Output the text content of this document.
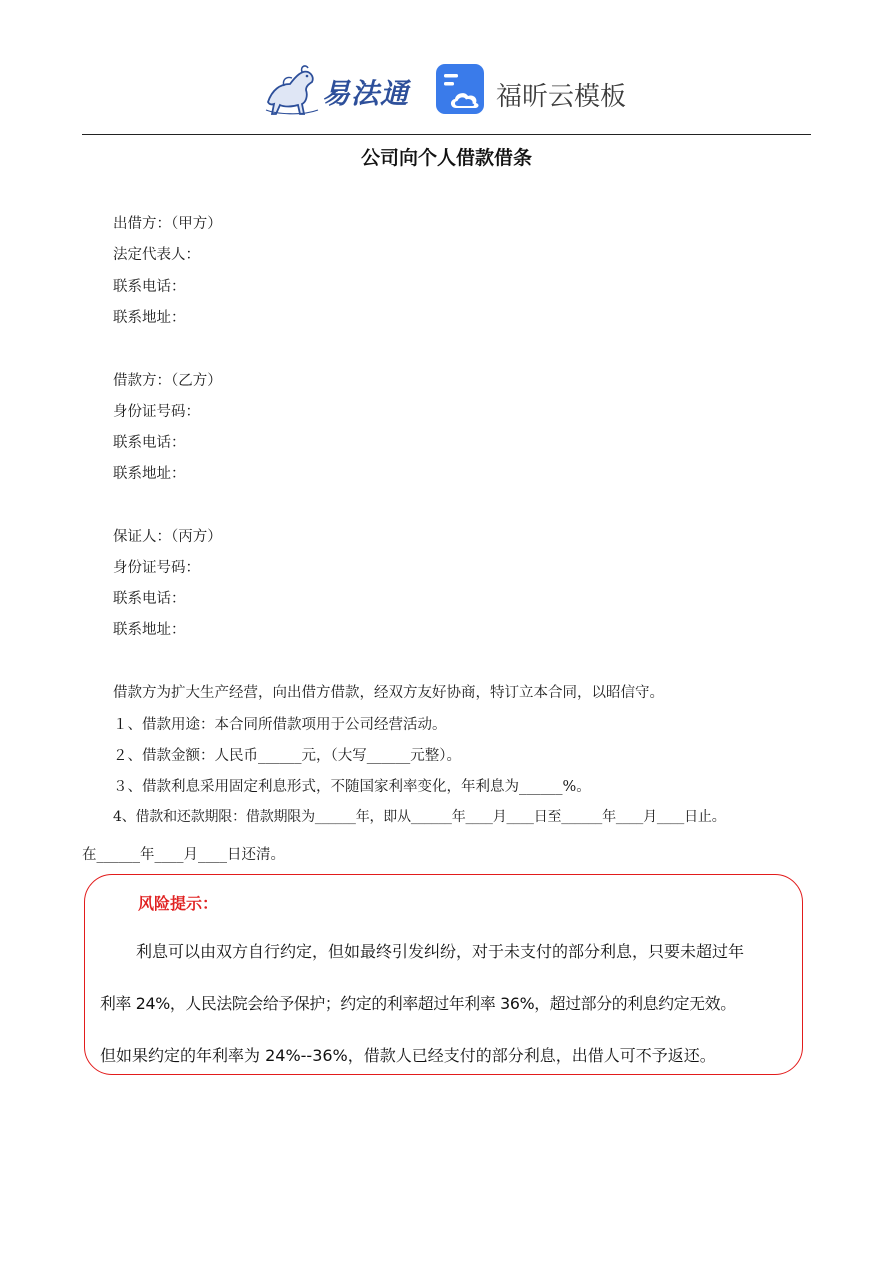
易法通	福昕云模板
公司向个人借款借条
出借方：（甲方）
法定代表人：
联系电话：
联系地址：
借款方：（乙方）
身份证号码：
联系电话：
联系地址：
保证人：（丙方）
身份证号码：
联系电话：
联系地址：
借款方为扩大生产经营，向出借方借款，经双方友好协商，特订立本合同，以昭信守。
１、借款用途：本合同所借款项用于公司经营活动。
２、借款金额：人民币______元，（大写______元整）。
３、借款利息采用固定利息形式，不随国家利率变化，年利息为______%。
4、借款和还款期限：借款期限为______年，即从______年____月____日至______年____月____日止。
在______年____月____日还清。
风险提示：
利息可以由双方自行约定，但如最终引发纠纷，对于未支付的部分利息，只要未超过年
利率 24%，人民法院会给予保护；约定的利率超过年利率 36%，超过部分的利息约定无效。
但如果约定的年利率为 24%--36%，借款人已经支付的部分利息，出借人可不予返还。
